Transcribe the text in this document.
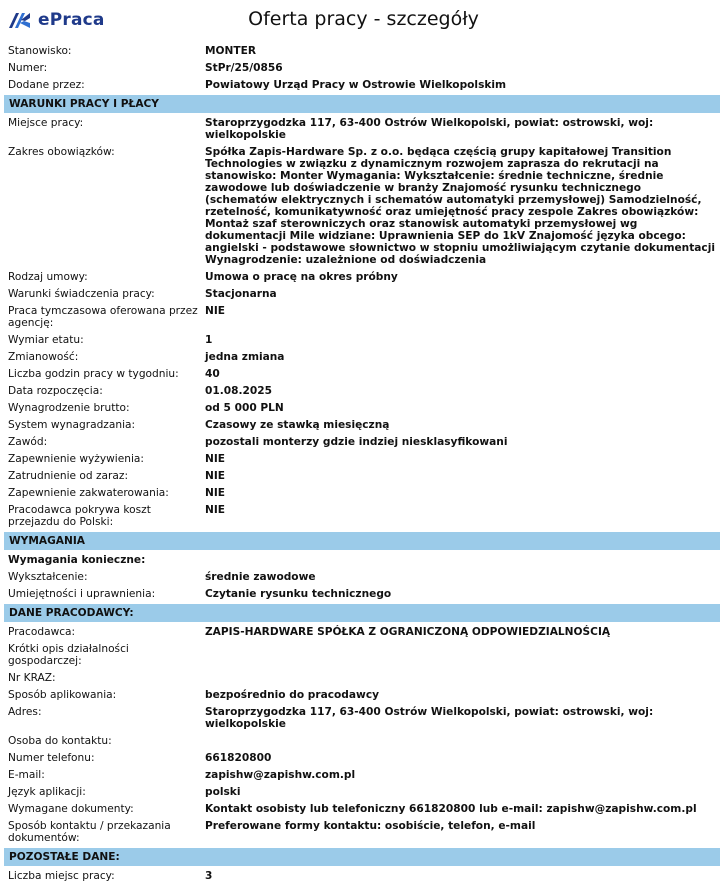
ePraca	Oferta pracy - szczegóły
Stanowisko:	MONTER
Numer:	StPr/25/0856
Dodane przez:	Powiatowy Urząd Pracy w Ostrowie Wielkopolskim
WARUNKI PRACY I PŁACY
Miejsce pracy:	Staroprzygodzka 117, 63-400 Ostrów Wielkopolski, powiat: ostrowski, woj: wielkopolskie
Zakres obowiązków:	Spółka Zapis-Hardware Sp. z o.o. będąca częścią grupy kapitałowej Transition Technologies w związku z dynamicznym rozwojem zaprasza do rekrutacji na stanowisko: Monter Wymagania: Wykształcenie: średnie techniczne, średnie zawodowe lub doświadczenie w branży Znajomość rysunku technicznego (schematów elektrycznych i schematów automatyki przemysłowej) Samodzielność, rzetelność, komunikatywność oraz umiejętność pracy zespole Zakres obowiązków: Montaż szaf sterowniczych oraz stanowisk automatyki przemysłowej wg dokumentacji Mile widziane: Uprawnienia SEP do 1kV Znajomość języka obcego: angielski - podstawowe słownictwo w stopniu umożliwiającym czytanie dokumentacji Wynagrodzenie: uzależnione od doświadczenia
Rodzaj umowy:	Umowa o pracę na okres próbny
Warunki świadczenia pracy:	Stacjonarna
Praca tymczasowa oferowana przez agencję:
NIE
Wymiar etatu:	1
Zmianowość:	jedna zmiana
Liczba godzin pracy w tygodniu:	40
Data rozpoczęcia:	01.08.2025
Wynagrodzenie brutto:	od 5 000 PLN
System wynagradzania:	Czasowy ze stawką miesięczną
Zawód:	pozostali monterzy gdzie indziej niesklasyfikowani
Zapewnienie wyżywienia:	NIE
Zatrudnienie od zaraz:	NIE
Zapewnienie zakwaterowania:	NIE
Pracodawca pokrywa koszt przejazdu do Polski:
NIE
WYMAGANIA
Wymagania konieczne:
Wykształcenie:	średnie zawodowe
Umiejętności i uprawnienia:	Czytanie rysunku technicznego
DANE PRACODAWCY:
Pracodawca:	ZAPIS-HARDWARE SPÓŁKA Z OGRANICZONĄ ODPOWIEDZIALNOŚCIĄ
Krótki opis działalności gospodarczej:
Nr KRAZ:
Sposób aplikowania:	bezpośrednio do pracodawcy
Adres:	Staroprzygodzka 117, 63-400 Ostrów Wielkopolski, powiat: ostrowski, woj: wielkopolskie
Osoba do kontaktu:
Numer telefonu:	661820800
E-mail:	zapishw@zapishw.com.pl
Język aplikacji:	polski
Wymagane dokumenty:	Kontakt osobisty lub telefoniczny 661820800 lub e-mail: zapishw@zapishw.com.pl
Sposób kontaktu / przekazania dokumentów:
Preferowane formy kontaktu: osobiście, telefon, e-mail
POZOSTAŁE DANE:
Liczba miejsc pracy:	3
